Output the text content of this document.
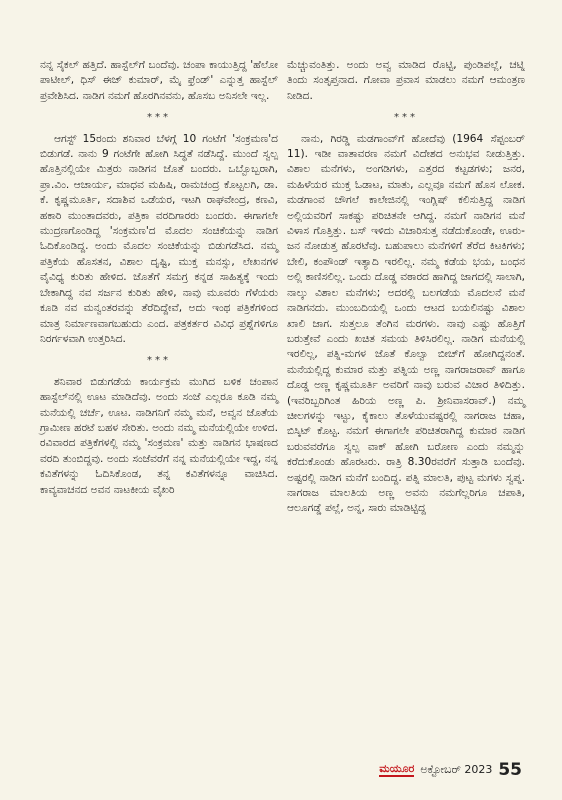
ನನ್ನ ಸೈಕಲ್ ಹತ್ತಿದೆ. ಹಾಸ್ಟೆಲ್‌ಗೆ ಬಂದೆವು. ಚಂಪಾ ಕಾಯುತ್ತಿದ್ದ 'ಹೆಲೋ ಪಾಟೀಲ್, ಧಿಸ್ ಈಜ್ ಕುಮಾರ್, ಮೈ ಫ್ರೆಂಡ್' ಎನ್ನುತ್ತ ಹಾಸ್ಟೆಲ್ ಪ್ರವೇಶಿಸಿದ. ನಾಡಿಗ ನಮಗೆ ಹೊರಗಿನವನು, ಹೊಸಬ ಅನಿಸಲೇ ಇಲ್ಲ.

***

ಆಗಸ್ಟ್ 15ರಂದು ಶನಿವಾರ ಬೆಳಗ್ಗೆ 10 ಗಂಟೆಗೆ 'ಸಂಕ್ರಮಣ'ದ ಬಿಡುಗಡೆ. ನಾನು 9 ಗಂಟೆಗೇ ಹೋಗಿ ಸಿದ್ಧತೆ ನಡೆಸಿದ್ದೆ. ಮುಂದೆ ಸ್ವಲ್ಪ ಹೊತ್ತಿನಲ್ಲಿಯೇ ಮಿತ್ರರು ನಾಡಿಗನ ಜೊತೆ ಬಂದರು. ಒಬ್ಬೊಬ್ಬರಾಗಿ, ಪ್ರಾ.ವಿಂ. ಆಚಾರ್ಯ, ಮಾಧವ ಮಹಿಷಿ, ರಾಮಚಂದ್ರ ಕೊಟ್ಟಲಗಿ, ಡಾ. ಕೆ. ಕೃಷ್ಣಮೂರ್ತಿ, ಸದಾಶಿವ ಒಡೆಯರ, ಇಟಗಿ ರಾಘವೇಂದ್ರ, ಕಣವಿ, ಹಕಾರಿ ಮುಂತಾದವರು, ಪತ್ರಿಕಾ ವರದಿಗಾರರು ಬಂದರು. ಈಗಾಗಲೇ ಮುದ್ರಣಗೊಂಡಿದ್ದ 'ಸಂಕ್ರಮಣ'ದ ಮೊದಲ ಸಂಚಿಕೆಯನ್ನು ನಾಡಿಗ ಓದಿಕೊಂಡಿದ್ದ. ಅಂದು ಮೊದಲ ಸಂಚಿಕೆಯನ್ನು ಬಿಡುಗಡೆಸಿದ. ನಮ್ಮ ಪತ್ರಿಕೆಯ ಹೊಸತನ, ವಿಶಾಲ ದೃಷ್ಟಿ, ಮುಕ್ತ ಮನಸ್ಸು, ಲೇಖನಗಳ ವೈವಿಧ್ಯ ಕುರಿತು ಹೇಳಿದ. ಜೊತೆಗೆ ಸಮಗ್ರ ಕನ್ನಡ ಸಾಹಿತ್ಯಕ್ಕೆ ಇಂದು ಬೇಕಾಗಿದ್ದ ನವ ಸರ್ಜನ ಕುರಿತು ಹೇಳಿ, ನಾವು ಮೂವರು ಗೆಳೆಯರು ಕೂಡಿ ನವ ಮನ್ವಂತರವನ್ನು ತೆರೆದಿದ್ದೇವೆ, ಅದು ಇಂಥ ಪತ್ರಿಕೆಗಳಿಂದ ಮಾತ್ರ ನಿರ್ಮಾಣವಾಗಬಹುದು ಎಂದ. ಪತ್ರಕರ್ತರ ವಿವಿಧ ಪ್ರಶ್ನೆಗಳಿಗೂ ನಿರರ್ಗಳವಾಗಿ ಉತ್ತರಿಸಿದ.

***

ಶನಿವಾರ ಬಿಡುಗಡೆಯ ಕಾರ್ಯಕ್ರಮ ಮುಗಿದ ಬಳಿಕ ಚಂಪಾನ ಹಾಸ್ಟೆಲ್‌ನಲ್ಲಿ ಊಟ ಮಾಡಿದೆವು. ಅಂದು ಸಂಜೆ ಎಲ್ಲರೂ ಕೂಡಿ ನಮ್ಮ ಮನೆಯಲ್ಲಿ ಚರ್ಚೆ, ಊಟ. ನಾಡಿಗನಿಗೆ ನಮ್ಮ ಮನೆ, ಅವ್ವನ ಜೊತೆಯ ಗ್ರಾಮೀಣ ಹರಟೆ ಬಹಳ ಸೇರಿತು. ಅಂದು ನಮ್ಮ ಮನೆಯಲ್ಲಿಯೇ ಉಳಿದ. ರವಿವಾರದ ಪತ್ರಿಕೆಗಳಲ್ಲಿ ನಮ್ಮ 'ಸಂಕ್ರಮಣ' ಮತ್ತು ನಾಡಿಗನ ಭಾಷಣದ ವರದಿ ತುಂಬಿದ್ದವು. ಅಂದು ಸಂಜೆವರೆಗೆ ನನ್ನ ಮನೆಯಲ್ಲಿಯೇ ಇದ್ದ, ನನ್ನ ಕವಿತೆಗಳನ್ನು ಓದಿಸಿಕೊಂಡ, ತನ್ನ ಕವಿತೆಗಳನ್ನೂ ವಾಚಿಸಿದ. ಕಾವ್ಯವಾಚನದ ಅವನ ನಾಟಕೀಯ ವೈಖರಿ

ಮೆಚ್ಚುವಂತಿತ್ತು. ಅಂದು ಅವ್ವ ಮಾಡಿದ ರೊಟ್ಟಿ, ಪುಂಡಿಪಲ್ಲೆ, ಚಟ್ನಿ ತಿಂದು ಸಂತೃಪ್ತನಾದ. ಗೋವಾ ಪ್ರವಾಸ ಮಾಡಲು ನಮಗೆ ಆಮಂತ್ರಣ ನೀಡಿದ.

***

ನಾನು, ಗಿರಡ್ಡಿ ಮಡಗಾಂವ್‌ಗೆ ಹೋದೆವು (1964 ಸೆಪ್ಟಂಬರ್ 11). ಇಡೀ ವಾತಾವರಣ ನಮಗೆ ವಿದೇಶದ ಅನುಭವ ನೀಡುತ್ತಿತ್ತು. ವಿಶಾಲ ಮನೆಗಳು, ಅಂಗಡಿಗಳು, ಎತ್ತರದ ಕಟ್ಟಡಗಳು; ಜನರ, ಮಹಿಳೆಯರ ಮುಕ್ತ ಓಡಾಟ, ಮಾತು, ಎಲ್ಲವೂ ನಮಗೆ ಹೊಸ ಲೋಕ. ಮಡಗಾಂವ ಚೌಗಲೆ ಕಾಲೇಜಿನಲ್ಲಿ ಇಂಗ್ಲಿಷ್ ಕಲಿಸುತ್ತಿದ್ದ ನಾಡಿಗ ಅಲ್ಲಿಯವರಿಗೆ ಸಾಕಷ್ಟು ಪರಿಚಿತನೇ ಆಗಿದ್ದ. ನಮಗೆ ನಾಡಿಗನ ಮನೆ ವಿಳಾಸ ಗೊತ್ತಿತ್ತು. ಬಸ್ ಇಳಿದು ವಿಚಾರಿಸುತ್ತ ನಡೆದುಕೊಂಡೇ, ಊರು-ಜನ ನೋಡುತ್ತ ಹೊರಟೆವು. ಬಹುಪಾಲು ಮನೆಗಳಿಗೆ ತೆರೆದ ಕಿಟಕಿಗಳು; ಬೇಲಿ, ಕಂಪೌಂಡ್ ಇತ್ಯಾದಿ ಇರಲಿಲ್ಲ. ನಮ್ಮ ಕಡೆಯ ಭಯ, ಬಂಧನ ಅಲ್ಲಿ ಕಾಣಿಸಲಿಲ್ಲ. ಒಂದು ದೊಡ್ಡ ವಠಾರದ ಹಾಗಿದ್ದ ಜಾಗದಲ್ಲಿ ಸಾಲಾಗಿ, ನಾಲ್ಕು ವಿಶಾಲ ಮನೆಗಳು; ಅದರಲ್ಲಿ ಬಲಗಡೆಯ ಮೊದಲನೆ ಮನೆ ನಾಡಿಗನದು. ಮುಂಬದಿಯಲ್ಲಿ ಒಂದು ಆಟದ ಬಯಲಿನಷ್ಟು ವಿಶಾಲ ಖಾಲಿ ಜಾಗ. ಸುತ್ತಲೂ ತೆಂಗಿನ ಮರಗಳು. ನಾವು ಎಷ್ಟು ಹೊತ್ತಿಗೆ ಬರುತ್ತೇವೆ ಎಂದು ಖಚಿತ ಸಮಯ ತಿಳಿಸಿರಲಿಲ್ಲ. ನಾಡಿಗ ಮನೆಯಲ್ಲಿ ಇರಲಿಲ್ಲ, ಪತ್ನಿ-ಮಗಳ ಜೊತೆ ಕೊಲ್ವಾ ಬೀಚ್‌ಗೆ ಹೋಗಿದ್ದನಂತೆ. ಮನೆಯಲ್ಲಿದ್ದ ಕುಮಾರ ಮತ್ತು ಪತ್ನಿಯ ಅಣ್ಣ ನಾಗರಾಜರಾವ್ ಹಾಗೂ ದೊಡ್ಡ ಅಣ್ಣ ಕೃಷ್ಣಮೂರ್ತಿ ಅವರಿಗೆ ನಾವು ಬರುವ ವಿಚಾರ ತಿಳಿದಿತ್ತು. (ಇವರಿಬ್ಬರಿಗಿಂತ ಹಿರಿಯ ಅಣ್ಣ ಪಿ. ಶ್ರೀನಿವಾಸರಾವ್.) ನಮ್ಮ ಚೀಲಗಳನ್ನು ಇಟ್ಟು, ಕೈಕಾಲು ತೊಳೆಯುವಷ್ಟರಲ್ಲಿ ನಾಗರಾಜ ಚಹಾ, ಬಿಸ್ಕಿಟ್ ಕೊಟ್ಟ. ನಮಗೆ ಈಗಾಗಲೇ ಪರಿಚಿತರಾಗಿದ್ದ ಕುಮಾರ ನಾಡಿಗ ಬರುವವರೆಗೂ ಸ್ವಲ್ಪ ವಾಕ್ ಹೋಗಿ ಬರೋಣ ಎಂದು ನಮ್ಮನ್ನು ಕರೆದುಕೊಂಡು ಹೊರಟರು. ರಾತ್ರಿ 8.30ರವರೆಗೆ ಸುತ್ತಾಡಿ ಬಂದೆವು. ಅಷ್ಟರಲ್ಲಿ ನಾಡಿಗ ಮನೆಗೆ ಬಂದಿದ್ದ. ಪತ್ನಿ ಮಾಲತಿ, ಪುಟ್ಟ ಮಗಳು ಸ್ವಪ್ನ. ನಾಗರಾಜ ಮಾಲತಿಯ ಅಣ್ಣ ಅವನು ನಮಗೆಲ್ಲರಿಗೂ ಚಪಾತಿ, ಆಲೂಗಡ್ಡೆ ಪಲ್ಲೆ, ಅನ್ನ, ಸಾರು ಮಾಡಿಟ್ಟಿದ್ದ

ಮಯೂರ ಅಕ್ಟೋಬರ್ 2023 55
